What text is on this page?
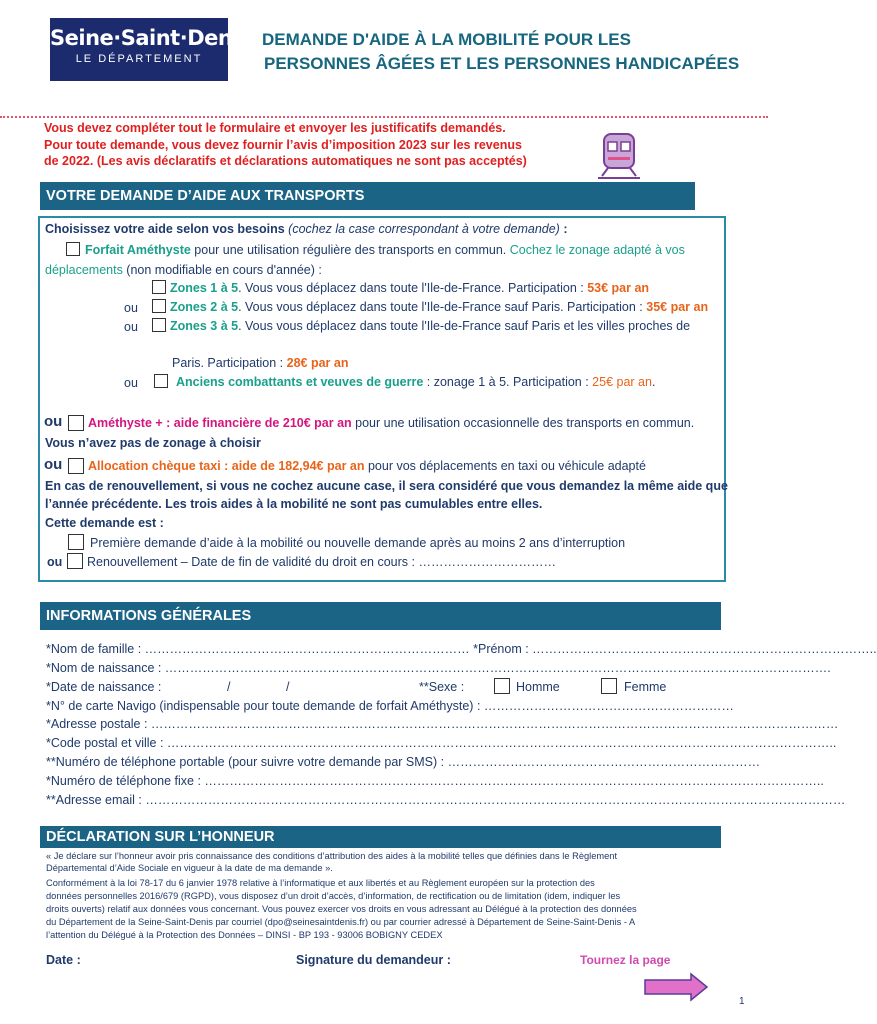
Seine·Saint·Denis
LE DÉPARTEMENT
DEMANDE D'AIDE À LA MOBILITÉ POUR LES
PERSONNES ÂGÉES ET LES PERSONNES HANDICAPÉES
Vous devez compléter tout le formulaire et envoyer les justificatifs demandés.
Pour toute demande, vous devez fournir l’avis d’imposition 2023 sur les revenus
de 2022. (Les avis déclaratifs et déclarations automatiques ne sont pas acceptés)
VOTRE DEMANDE D’AIDE AUX TRANSPORTS
Choisissez votre aide selon vos besoins (cochez la case correspondant à votre demande) :
Forfait Améthyste pour une utilisation régulière des transports en commun. Cochez le zonage adapté à vos
déplacements (non modifiable en cours d'année) :
Zones 1 à 5. Vous vous déplacez dans toute l'Ile-de-France. Participation : 53€ par an
ou	Zones 2 à 5. Vous vous déplacez dans toute l'Ile-de-France sauf Paris. Participation : 35€ par an
ou	Zones 3 à 5. Vous vous déplacez dans toute l'Ile-de-France sauf Paris et les villes proches de
Paris. Participation : 28€ par an
ou	Anciens combattants et veuves de guerre : zonage 1 à 5. Participation : 25€ par an.
ou Améthyste + : aide financière de 210€ par an pour une utilisation occasionnelle des transports en commun.
Vous n’avez pas de zonage à choisir
ou Allocation chèque taxi : aide de 182,94€ par an pour vos déplacements en taxi ou véhicule adapté
En cas de renouvellement, si vous ne cochez aucune case, il sera considéré que vous demandez la même aide que
l’année précédente. Les trois aides à la mobilité ne sont pas cumulables entre elles.
Cette demande est :
Première demande d’aide à la mobilité ou nouvelle demande après au moins 2 ans d’interruption
ou Renouvellement – Date de fin de validité du droit en cours : ……………………………
INFORMATIONS GÉNÉRALES
*Nom de famille : …………………………………………………………………… *Prénom : ………………………………………………………………………..
*Nom de naissance : …………………………………………………………………………………………………………………………………………….
*Date de naissance :	/	/	**Sexe :	Homme	Femme
*N° de carte Navigo (indispensable pour toute demande de forfait Améthyste) : ……………………………………………………
*Adresse postale : …………………………………………………………………………………………………………………………………………………
*Code postal et ville : ……………………………………………………………………………………………………………………………………………..
**Numéro de téléphone portable (pour suivre votre demande par SMS) : …………………………………………………………………
*Numéro de téléphone fixe : …………………………………………………………………………………………………………………………………..
**Adresse email : ……………………………………………………………………………………………………………………………………………………
DÉCLARATION SUR L’HONNEUR
« Je déclare sur l’honneur avoir pris connaissance des conditions d’attribution des aides à la mobilité telles que définies dans le Règlement
Départemental d’Aide Sociale en vigueur à la date de ma demande ».
Conformément à la loi 78-17 du 6 janvier 1978 relative à l’informatique et aux libertés et au Règlement européen sur la protection des
données personnelles 2016/679 (RGPD), vous disposez d’un droit d’accès, d’information, de rectification ou de limitation (idem, indiquer les
droits ouverts) relatif aux données vous concernant. Vous pouvez exercer vos droits en vous adressant au Délégué à la protection des données
du Département de la Seine-Saint-Denis par courriel (dpo@seinesaintdenis.fr) ou par courrier adressé à Département de Seine-Saint-Denis - A
l’attention du Délégué à la Protection des Données – DINSI - BP 193 - 93006 BOBIGNY CEDEX
Date :	Signature du demandeur :	Tournez la page
1
